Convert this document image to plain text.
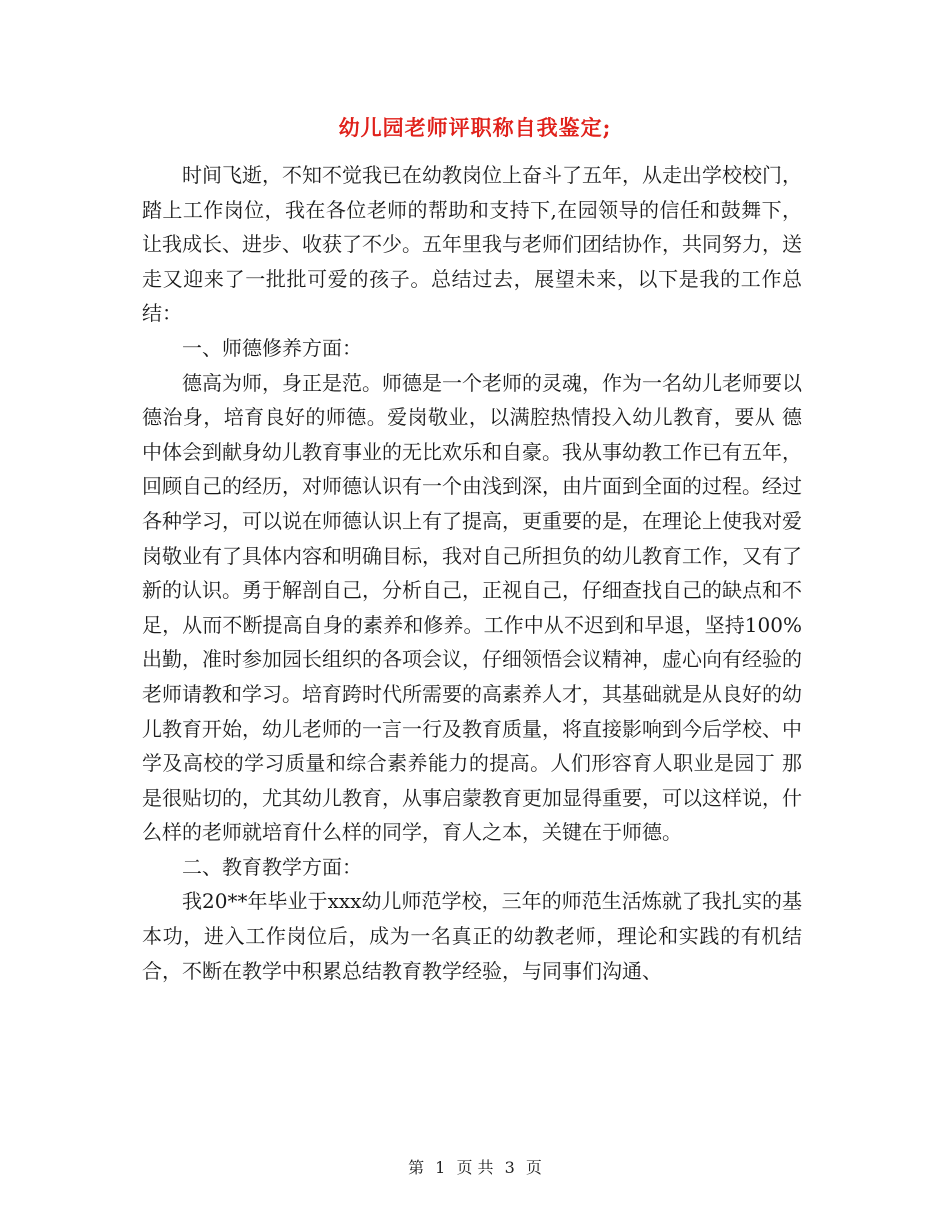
幼儿园老师评职称自我鉴定;

时间飞逝，不知不觉我已在幼教岗位上奋斗了五年，从走出学校校门，踏上工作岗位，我在各位老师的帮助和支持下,在园领导的信任和鼓舞下，让我成长、进步、收获了不少。五年里我与老师们团结协作，共同努力，送走又迎来了一批批可爱的孩子。总结过去，展望未来，以下是我的工作总结：

一、师德修养方面：

德高为师，身正是范。师德是一个老师的灵魂，作为一名幼儿老师要以德治身，培育良好的师德。爱岗敬业，以满腔热情投入幼儿教育，要从 德 中体会到献身幼儿教育事业的无比欢乐和自豪。我从事幼教工作已有五年，回顾自己的经历，对师德认识有一个由浅到深，由片面到全面的过程。经过各种学习，可以说在师德认识上有了提高，更重要的是，在理论上使我对爱岗敬业有了具体内容和明确目标，我对自己所担负的幼儿教育工作，又有了新的认识。勇于解剖自己，分析自己，正视自己，仔细查找自己的缺点和不足，从而不断提高自身的素养和修养。工作中从不迟到和早退，坚持100%出勤，准时参加园长组织的各项会议，仔细领悟会议精神，虚心向有经验的老师请教和学习。培育跨时代所需要的高素养人才，其基础就是从良好的幼儿教育开始，幼儿老师的一言一行及教育质量，将直接影响到今后学校、中学及高校的学习质量和综合素养能力的提高。人们形容育人职业是园丁 那是很贴切的，尤其幼儿教育，从事启蒙教育更加显得重要，可以这样说，什么样的老师就培育什么样的同学，育人之本，关键在于师德。

二、教育教学方面：

我20**年毕业于xxx幼儿师范学校，三年的师范生活炼就了我扎实的基本功，进入工作岗位后，成为一名真正的幼教老师，理论和实践的有机结合，不断在教学中积累总结教育教学经验，与同事们沟通、

第 1 页 共 3 页
